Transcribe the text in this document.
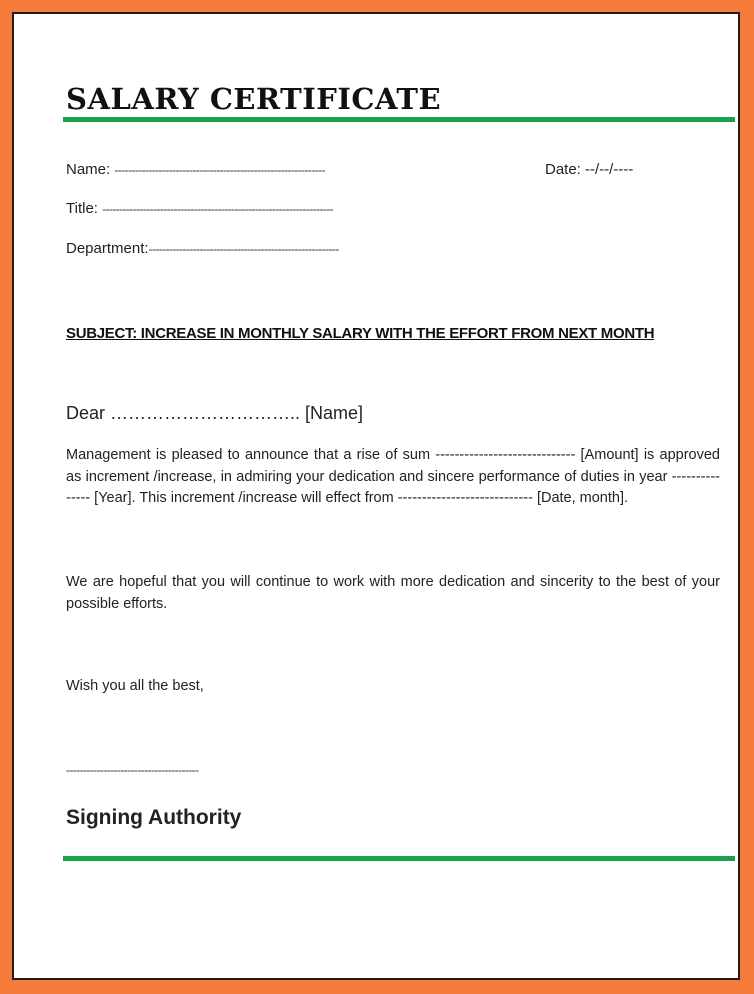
SALARY CERTIFICATE
Name: --------------------------------------------------------------	Date: --/--/----
Title: --------------------------------------------------------------------
Department:--------------------------------------------------------
SUBJECT: INCREASE IN MONTHLY SALARY WITH THE EFFORT FROM NEXT MONTH
Dear ………………………….. [Name]
Management is pleased to announce that a rise of sum ----------------------------- [Amount] is approved as increment /increase, in admiring your dedication and sincere performance of duties in year --------------- [Year]. This increment /increase will effect from ---------------------------- [Date, month].
We are hopeful that you will continue to work with more dedication and sincerity to the best of your possible efforts.
Wish you all the best,
---------------------------------------
Signing Authority
